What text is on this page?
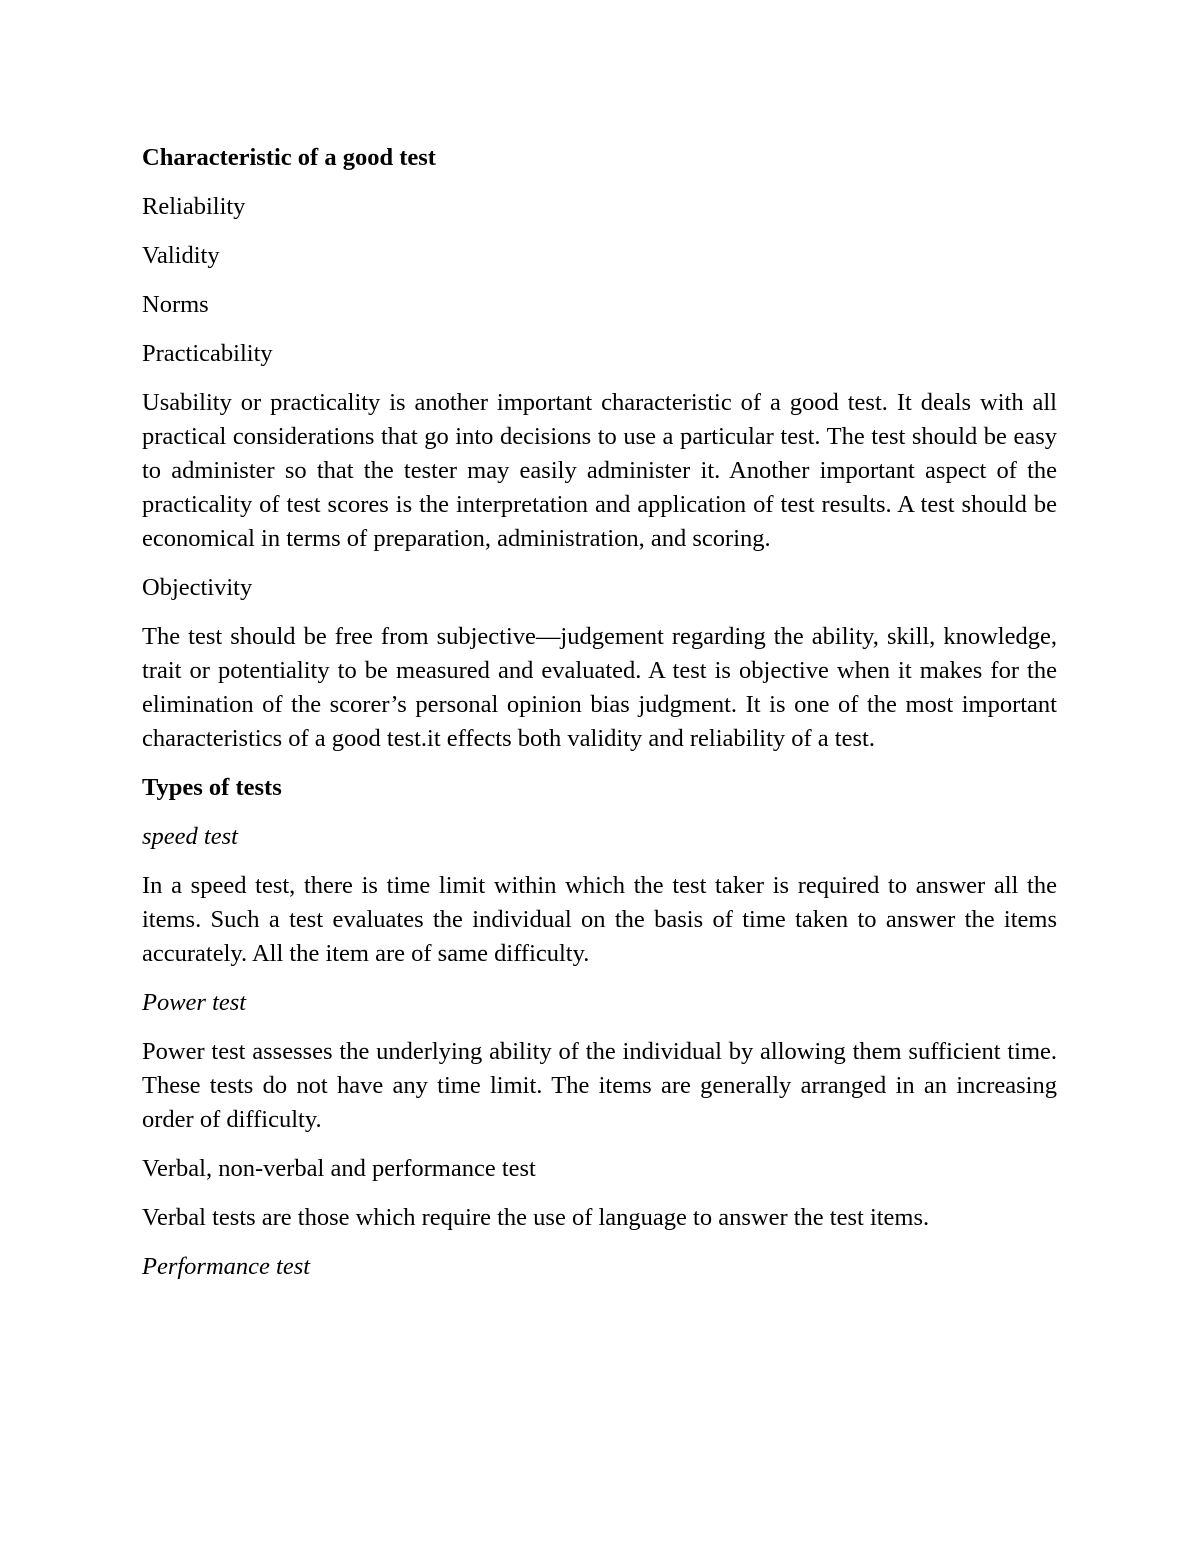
Characteristic of a good test

Reliability

Validity

Norms

Practicability

Usability or practicality is another important characteristic of a good test. It deals with all practical considerations that go into decisions to use a particular test. The test should be easy to administer so that the tester may easily administer it. Another important aspect of the practicality of test scores is the interpretation and application of test results. A test should be economical in terms of preparation, administration, and scoring.

Objectivity

The test should be free from subjective—judgement regarding the ability, skill, knowledge, trait or potentiality to be measured and evaluated. A test is objective when it makes for the elimination of the scorer’s personal opinion bias judgment. It is one of the most important characteristics of a good test.it effects both validity and reliability of a test.

Types of tests

speed test

In a speed test, there is time limit within which the test taker is required to answer all the items. Such a test evaluates the individual on the basis of time taken to answer the items accurately. All the item are of same difficulty.

Power test

Power test assesses the underlying ability of the individual by allowing them sufficient time. These tests do not have any time limit. The items are generally arranged in an increasing order of difficulty.

Verbal, non-verbal and performance test

Verbal tests are those which require the use of language to answer the test items.

Performance test
